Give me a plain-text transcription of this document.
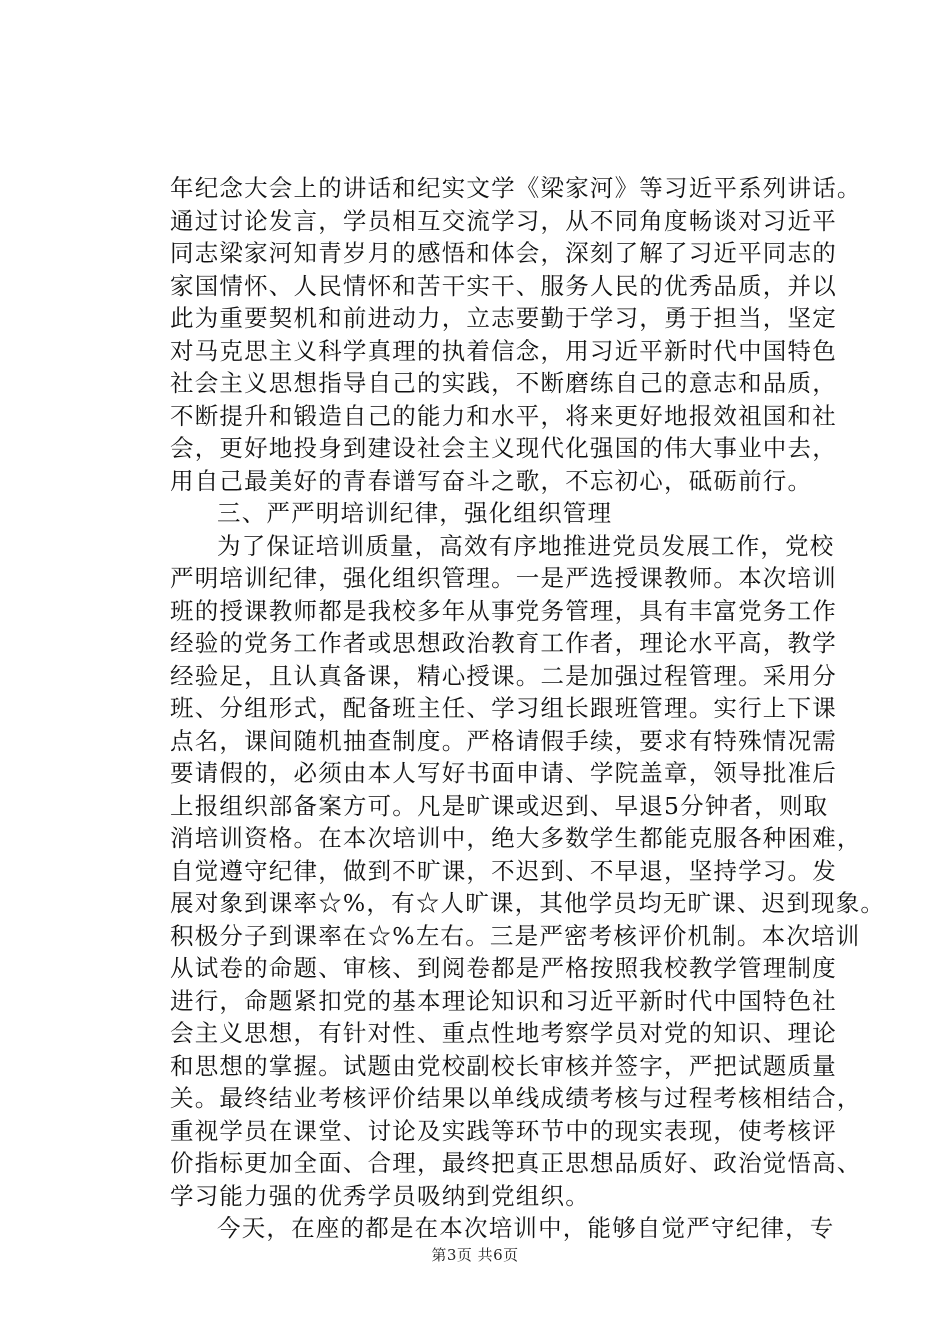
年纪念大会上的讲话和纪实文学《梁家河》等习近平系列讲话。
通过讨论发言，学员相互交流学习，从不同角度畅谈对习近平
同志梁家河知青岁月的感悟和体会，深刻了解了习近平同志的
家国情怀、人民情怀和苦干实干、服务人民的优秀品质，并以
此为重要契机和前进动力，立志要勤于学习，勇于担当，坚定
对马克思主义科学真理的执着信念，用习近平新时代中国特色
社会主义思想指导自己的实践，不断磨练自己的意志和品质，
不断提升和锻造自己的能力和水平，将来更好地报效祖国和社
会，更好地投身到建设社会主义现代化强国的伟大事业中去，
用自己最美好的青春谱写奋斗之歌，不忘初心，砥砺前行。
三、严严明培训纪律，强化组织管理
为了保证培训质量，高效有序地推进党员发展工作，党校
严明培训纪律，强化组织管理。一是严选授课教师。本次培训
班的授课教师都是我校多年从事党务管理，具有丰富党务工作
经验的党务工作者或思想政治教育工作者，理论水平高，教学
经验足，且认真备课，精心授课。二是加强过程管理。采用分
班、分组形式，配备班主任、学习组长跟班管理。实行上下课
点名，课间随机抽查制度。严格请假手续，要求有特殊情况需
要请假的，必须由本人写好书面申请、学院盖章，领导批准后
上报组织部备案方可。凡是旷课或迟到、早退5分钟者，则取
消培训资格。在本次培训中，绝大多数学生都能克服各种困难，
自觉遵守纪律，做到不旷课，不迟到、不早退，坚持学习。发
展对象到课率☆%，有☆人旷课，其他学员均无旷课、迟到现象。
积极分子到课率在☆%左右。三是严密考核评价机制。本次培训
从试卷的命题、审核、到阅卷都是严格按照我校教学管理制度
进行，命题紧扣党的基本理论知识和习近平新时代中国特色社
会主义思想，有针对性、重点性地考察学员对党的知识、理论
和思想的掌握。试题由党校副校长审核并签字，严把试题质量
关。最终结业考核评价结果以单线成绩考核与过程考核相结合，
重视学员在课堂、讨论及实践等环节中的现实表现，使考核评
价指标更加全面、合理，最终把真正思想品质好、政治觉悟高、
学习能力强的优秀学员吸纳到党组织。
今天，在座的都是在本次培训中，能够自觉严守纪律，专
第3页 共6页
